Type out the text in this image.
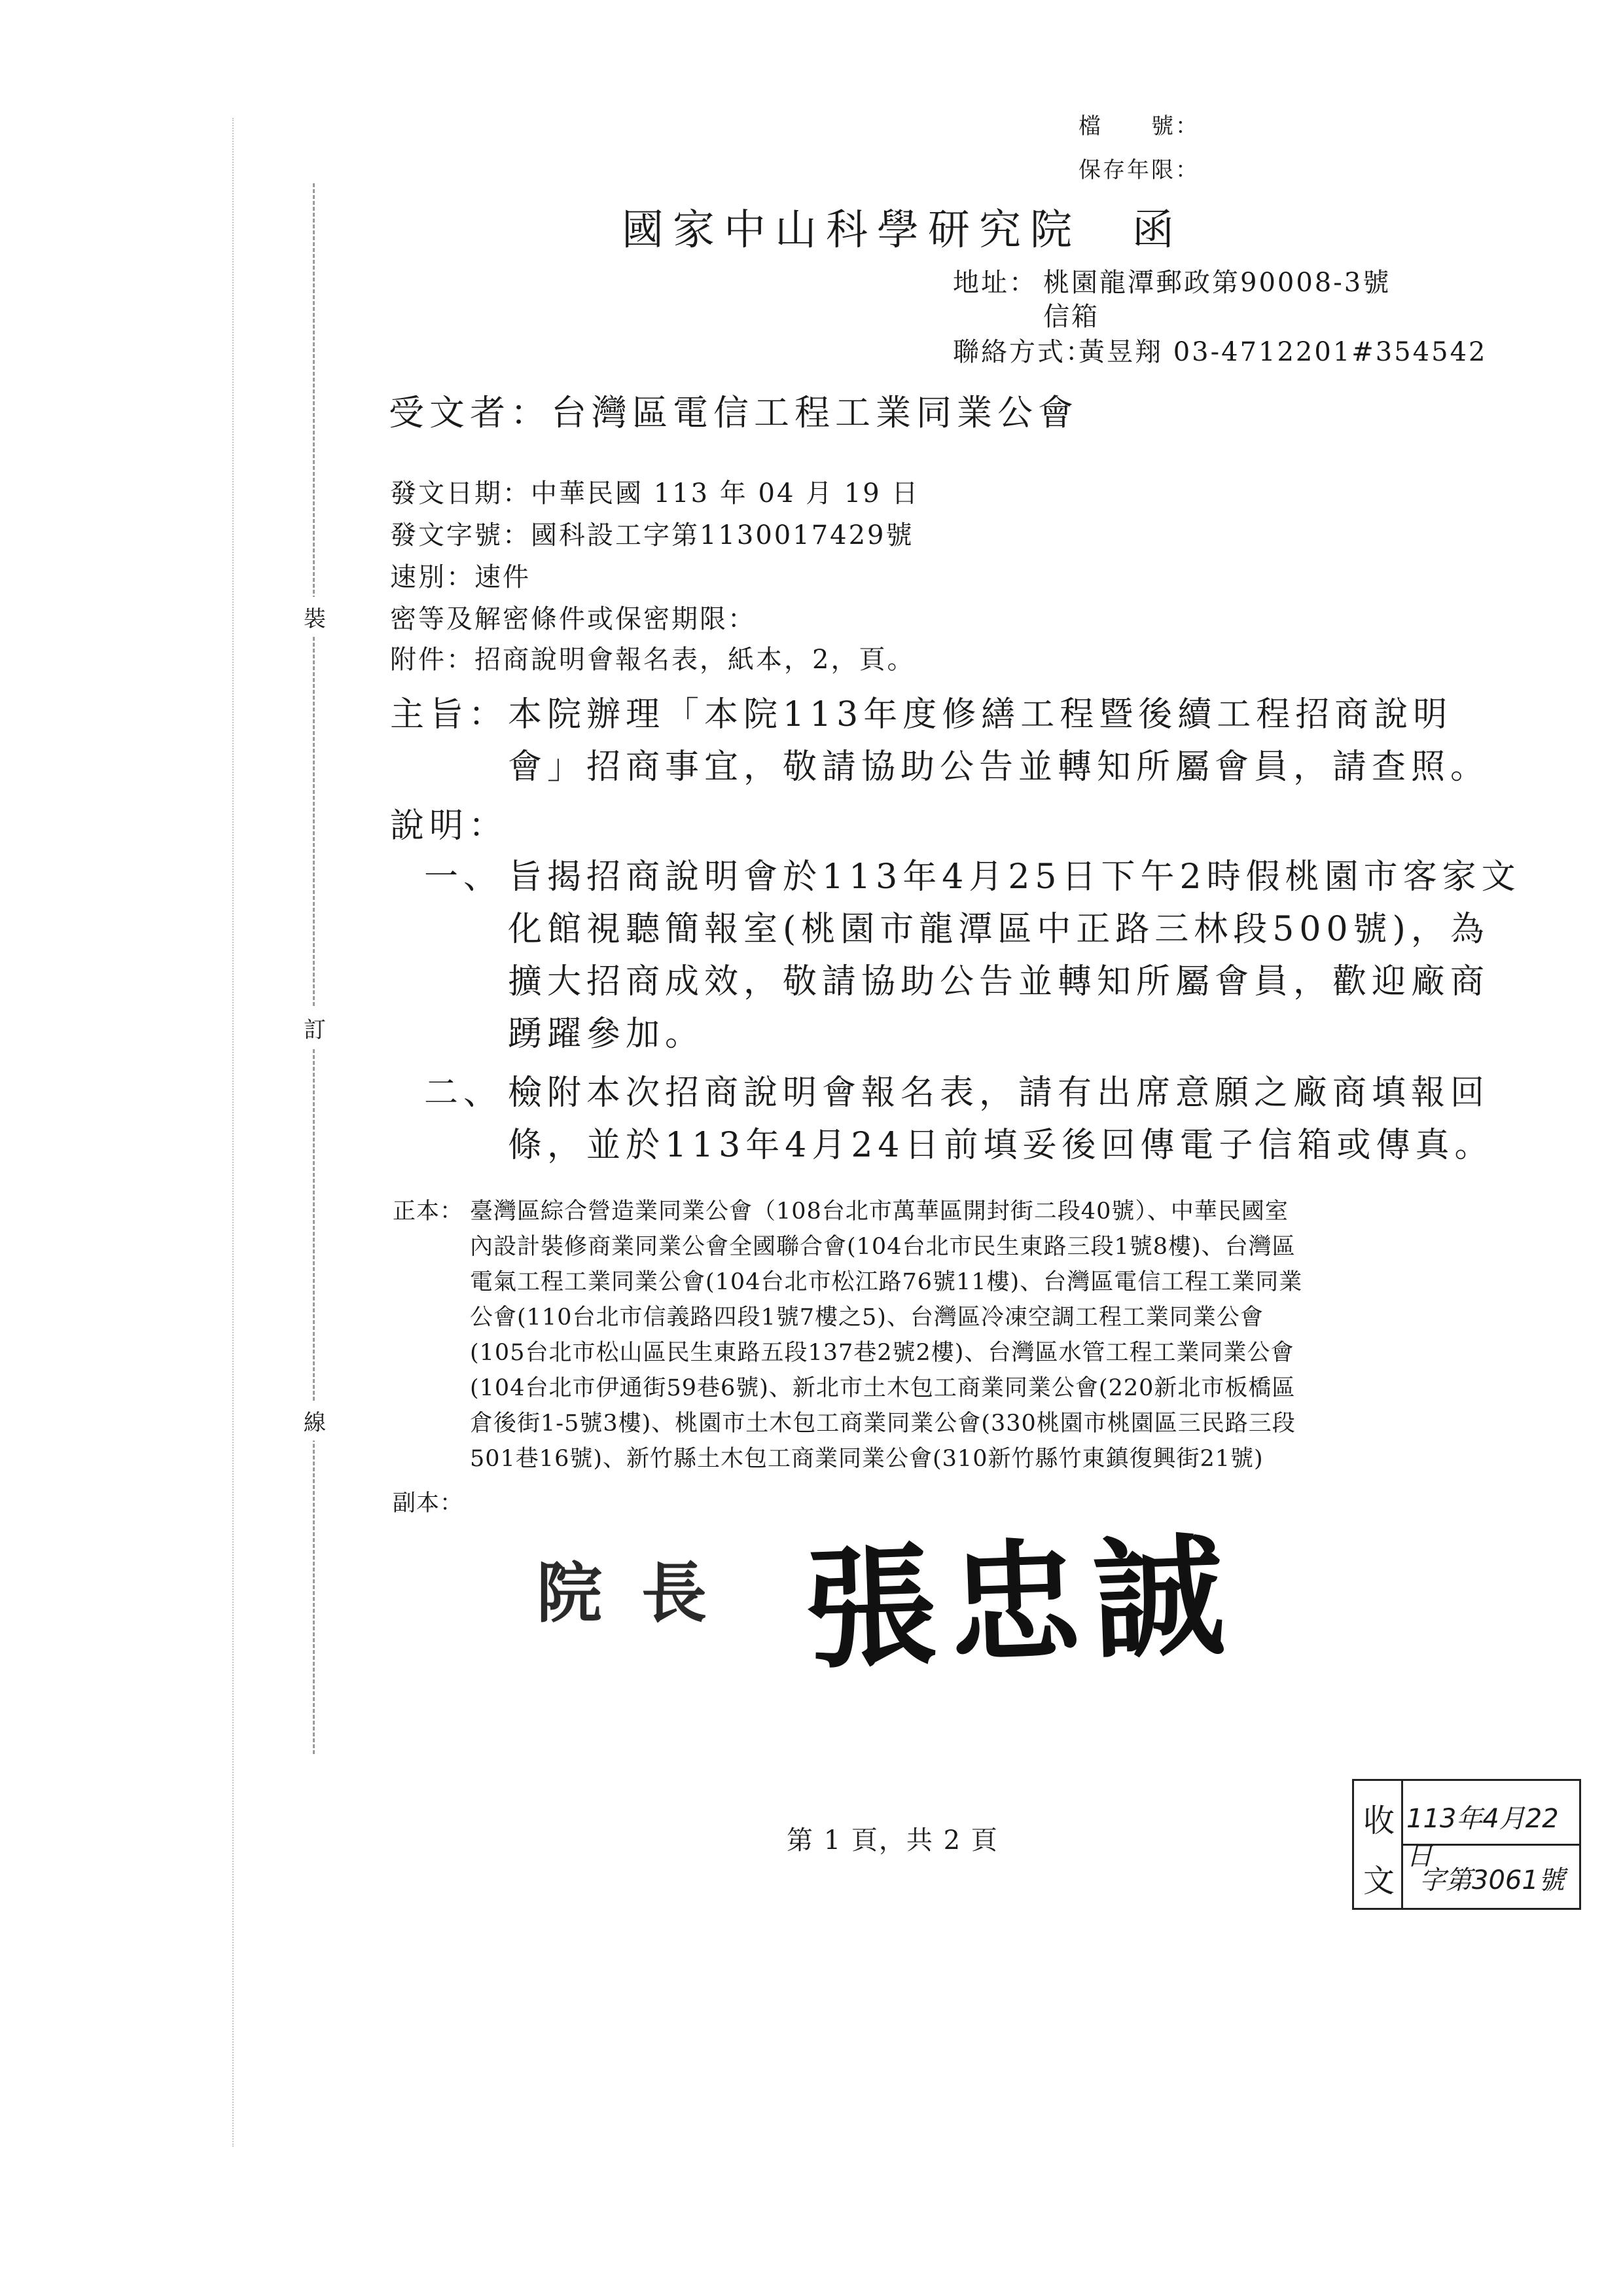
裝
訂
線
檔　　號：
保存年限：
國家中山科學研究院　函
地址： 桃園龍潭郵政第90008-3號
信箱
聯絡方式：
黃昱翔 03-4712201#354542
受文者：台灣區電信工程工業同業公會
發文日期：中華民國 113 年 04 月 19 日
發文字號：國科設工字第1130017429號
速別：速件
密等及解密條件或保密期限：
附件：招商說明會報名表，紙本，2，頁。
主旨： 本院辦理「本院113年度修繕工程暨後續工程招商說明
會」招商事宜，敬請協助公告並轉知所屬會員，請查照。
說明：
一、 旨揭招商說明會於113年4月25日下午2時假桃園市客家文
化館視聽簡報室(桃園市龍潭區中正路三林段500號)，為
擴大招商成效，敬請協助公告並轉知所屬會員，歡迎廠商
踴躍參加。
二、 檢附本次招商說明會報名表，請有出席意願之廠商填報回
條，並於113年4月24日前填妥後回傳電子信箱或傳真。
正本： 臺灣區綜合營造業同業公會（108台北市萬華區開封街二段40號）、中華民國室
內設計裝修商業同業公會全國聯合會(104台北市民生東路三段1號8樓)、台灣區
電氣工程工業同業公會(104台北市松江路76號11樓)、台灣區電信工程工業同業
公會(110台北市信義路四段1號7樓之5)、台灣區冷凍空調工程工業同業公會
(105台北市松山區民生東路五段137巷2號2樓)、台灣區水管工程工業同業公會
(104台北市伊通街59巷6號)、新北市土木包工商業同業公會(220新北市板橋區
倉後街1-5號3樓)、桃園市土木包工商業同業公會(330桃園市桃園區三民路三段
501巷16號)、新竹縣土木包工商業同業公會(310新竹縣竹東鎮復興街21號)
副本：
院長 張忠誠
第 1 頁，共 2 頁
收
文
113年4月22日
字第3061號
